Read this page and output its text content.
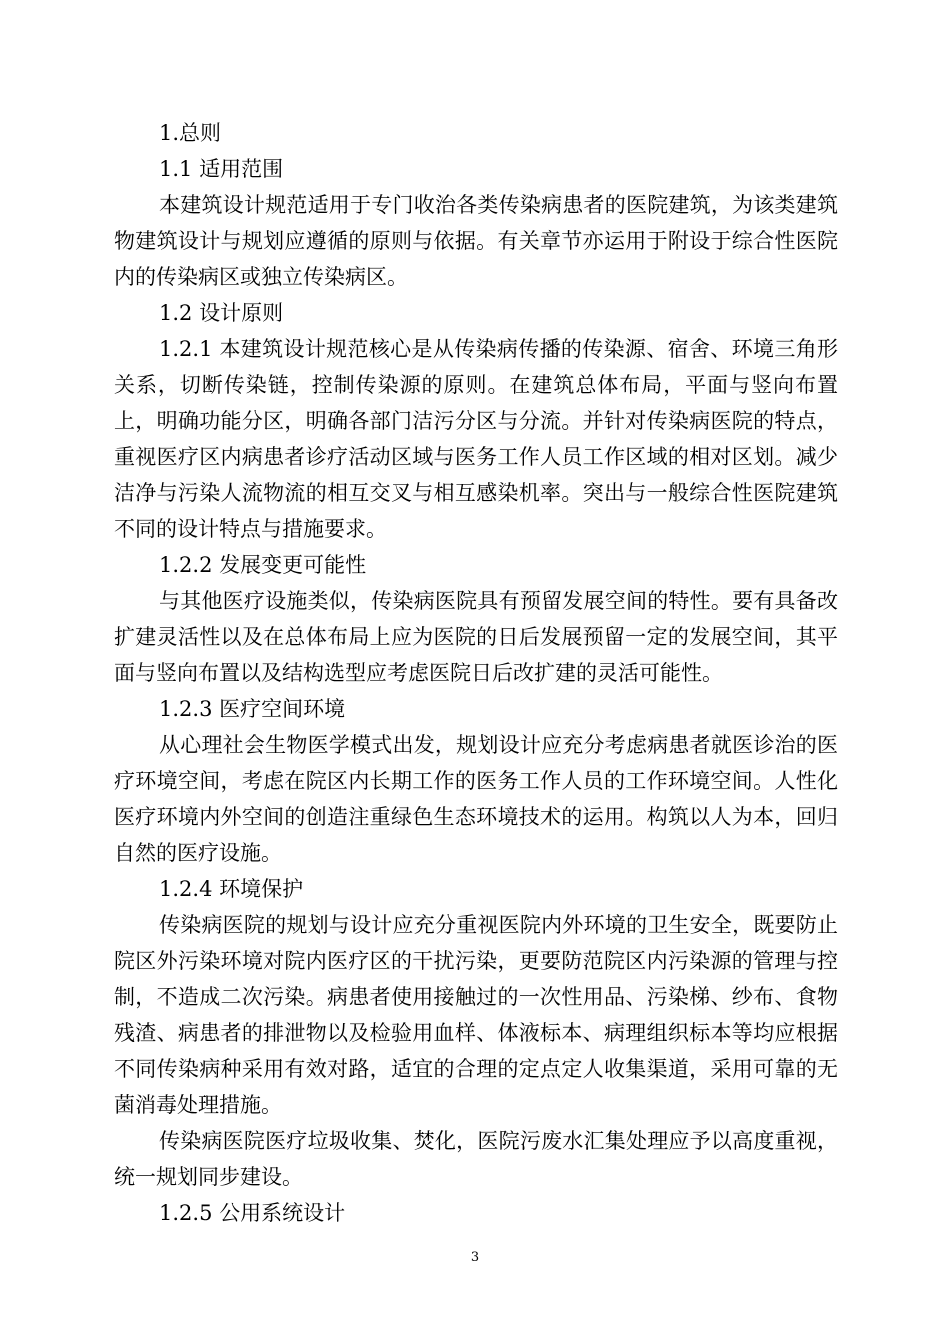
1.总则

1.1 适用范围

本建筑设计规范适用于专门收治各类传染病患者的医院建筑，为该类建筑物建筑设计与规划应遵循的原则与依据。有关章节亦运用于附设于综合性医院内的传染病区或独立传染病区。

1.2 设计原则

1.2.1 本建筑设计规范核心是从传染病传播的传染源、宿舍、环境三角形关系，切断传染链，控制传染源的原则。在建筑总体布局，平面与竖向布置上，明确功能分区，明确各部门洁污分区与分流。并针对传染病医院的特点，重视医疗区内病患者诊疗活动区域与医务工作人员工作区域的相对区划。减少洁净与污染人流物流的相互交叉与相互感染机率。突出与一般综合性医院建筑不同的设计特点与措施要求。

1.2.2 发展变更可能性

与其他医疗设施类似，传染病医院具有预留发展空间的特性。要有具备改扩建灵活性以及在总体布局上应为医院的日后发展预留一定的发展空间，其平面与竖向布置以及结构选型应考虑医院日后改扩建的灵活可能性。

1.2.3 医疗空间环境

从心理社会生物医学模式出发，规划设计应充分考虑病患者就医诊治的医疗环境空间，考虑在院区内长期工作的医务工作人员的工作环境空间。人性化医疗环境内外空间的创造注重绿色生态环境技术的运用。构筑以人为本，回归自然的医疗设施。

1.2.4 环境保护

传染病医院的规划与设计应充分重视医院内外环境的卫生安全，既要防止院区外污染环境对院内医疗区的干扰污染，更要防范院区内污染源的管理与控制，不造成二次污染。病患者使用接触过的一次性用品、污染梯、纱布、食物残渣、病患者的排泄物以及检验用血样、体液标本、病理组织标本等均应根据不同传染病种采用有效对路，适宜的合理的定点定人收集渠道，采用可靠的无菌消毒处理措施。

传染病医院医疗垃圾收集、焚化，医院污废水汇集处理应予以高度重视，统一规划同步建设。

1.2.5 公用系统设计

3
